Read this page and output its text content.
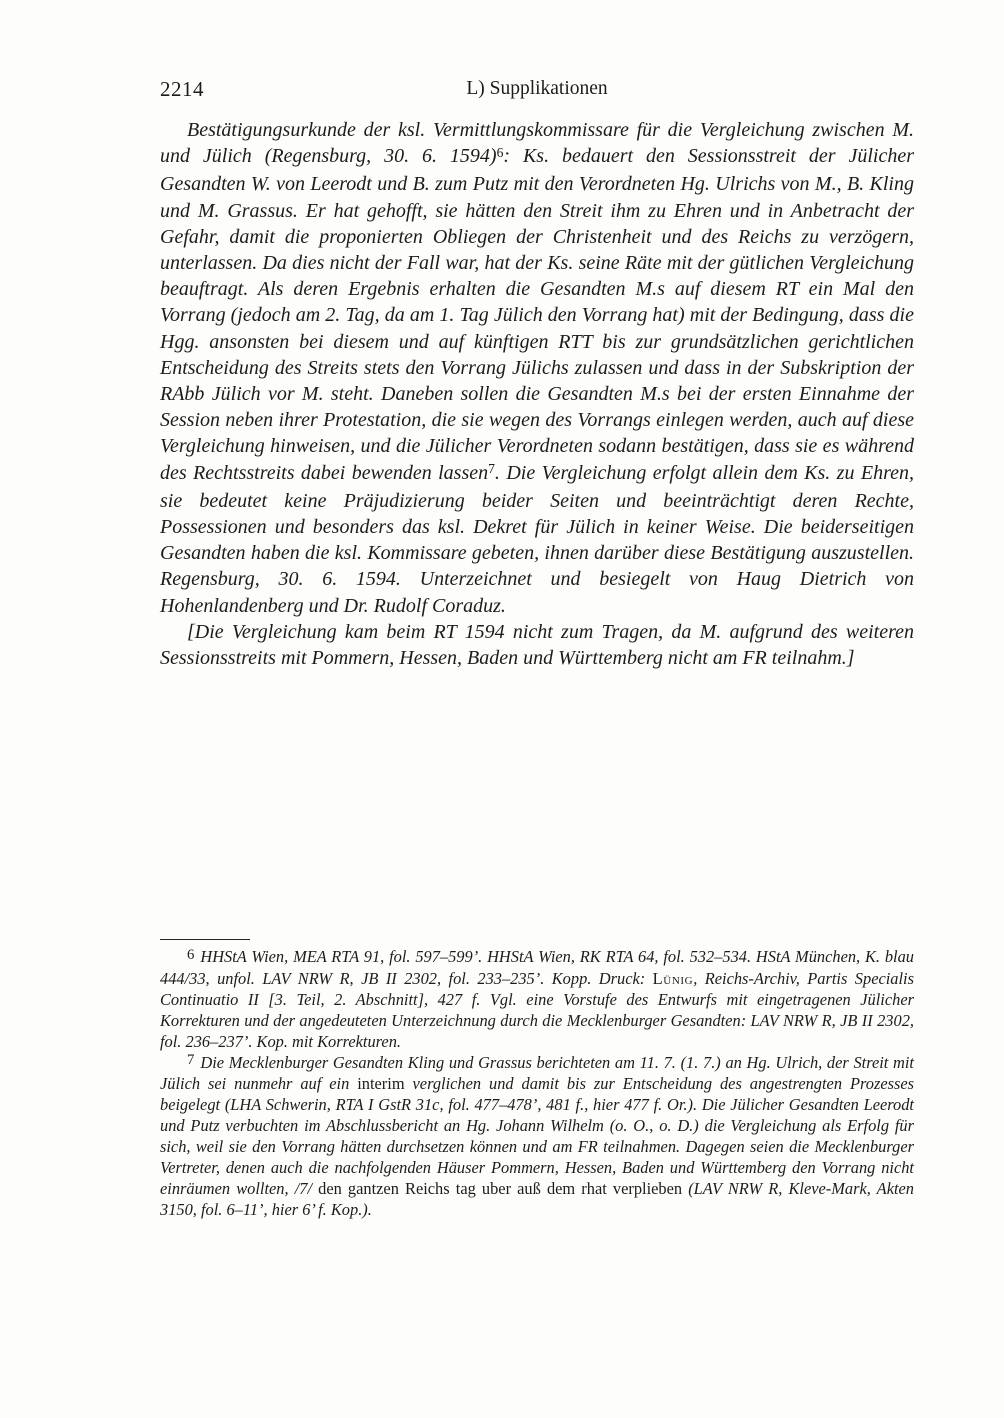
2214	L) Supplikationen

Bestätigungsurkunde der ksl. Vermittlungskommissare für die Vergleichung zwischen M. und Jülich (Regensburg, 30. 6. 1594)$^6$: Ks. bedauert den Sessionsstreit der Jülicher Gesandten W. von Leerodt und B. zum Putz mit den Verordneten Hg. Ulrichs von M., B. Kling und M. Grassus. Er hat gehofft, sie hätten den Streit ihm zu Ehren und in Anbetracht der Gefahr, damit die proponierten Obliegen der Christenheit und des Reichs zu verzögern, unterlassen. Da dies nicht der Fall war, hat der Ks. seine Räte mit der gütlichen Vergleichung beauftragt. Als deren Ergebnis erhalten die Gesandten M.s auf diesem RT ein Mal den Vorrang (jedoch am 2. Tag, da am 1. Tag Jülich den Vorrang hat) mit der Bedingung, dass die Hgg. ansonsten bei diesem und auf künftigen RTT bis zur grundsätzlichen gerichtlichen Entscheidung des Streits stets den Vorrang Jülichs zulassen und dass in der Subskription der RAbb Jülich vor M. steht. Daneben sollen die Gesandten M.s bei der ersten Einnahme der Session neben ihrer Protestation, die sie wegen des Vorrangs einlegen werden, auch auf diese Vergleichung hinweisen, und die Jülicher Verordneten sodann bestätigen, dass sie es während des Rechtsstreits dabei bewenden lassen$^7$. Die Vergleichung erfolgt allein dem Ks. zu Ehren, sie bedeutet keine Präjudizierung beider Seiten und beeinträchtigt deren Rechte, Possessionen und besonders das ksl. Dekret für Jülich in keiner Weise. Die beiderseitigen Gesandten haben die ksl. Kommissare gebeten, ihnen darüber diese Bestätigung auszustellen. Regensburg, 30. 6. 1594. Unterzeichnet und besiegelt von Haug Dietrich von Hohenlandenberg und Dr. Rudolf Coraduz.

[Die Vergleichung kam beim RT 1594 nicht zum Tragen, da M. aufgrund des weiteren Sessionsstreits mit Pommern, Hessen, Baden und Württemberg nicht am FR teilnahm.]

6 HHStA Wien, MEA RTA 91, fol. 597–599’. HHStA Wien, RK RTA 64, fol. 532–534. HStA München, K. blau 444/33, unfol. LAV NRW R, JB II 2302, fol. 233–235’. Kopp. Druck: Lünig, Reichs-Archiv, Partis Specialis Continuatio II [3. Teil, 2. Abschnitt], 427 f. Vgl. eine Vorstufe des Entwurfs mit eingetragenen Jülicher Korrekturen und der angedeuteten Unterzeichnung durch die Mecklenburger Gesandten: LAV NRW R, JB II 2302, fol. 236–237’. Kop. mit Korrekturen.

7 Die Mecklenburger Gesandten Kling und Grassus berichteten am 11. 7. (1. 7.) an Hg. Ulrich, der Streit mit Jülich sei nunmehr auf ein interim verglichen und damit bis zur Entscheidung des angestrengten Prozesses beigelegt (LHA Schwerin, RTA I GstR 31c, fol. 477–478’, 481 f., hier 477 f. Or.). Die Jülicher Gesandten Leerodt und Putz verbuchten im Abschlussbericht an Hg. Johann Wilhelm (o. O., o. D.) die Vergleichung als Erfolg für sich, weil sie den Vorrang hätten durchsetzen können und am FR teilnahmen. Dagegen seien die Mecklenburger Vertreter, denen auch die nachfolgenden Häuser Pommern, Hessen, Baden und Württemberg den Vorrang nicht einräumen wollten, /7/ den gantzen Reichs tag uber auß dem rhat verplieben (LAV NRW R, Kleve-Mark, Akten 3150, fol. 6–11’, hier 6’ f. Kop.).
